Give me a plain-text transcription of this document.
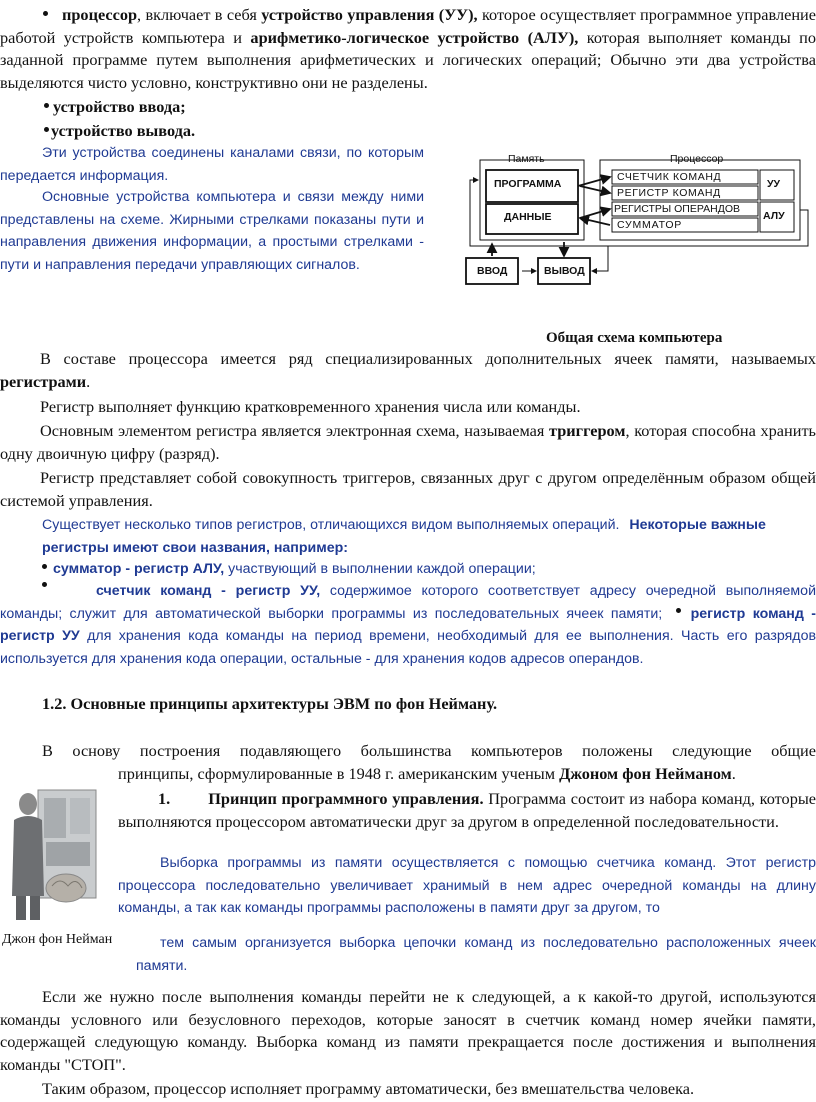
процессор, включает в себя устройство управления (УУ), которое осуществляет программное управление работой устройств компьютера и арифметико-логическое устройство (АЛУ), которая выполняет команды по заданной программе путем выполнения арифметических и логических операций; Обычно эти два устройства выделяются чисто условно, конструктивно они не разделены.
устройство ввода;
устройство вывода.
Эти устройства соединены каналами связи, по которым передается информация.
Основные устройства компьютера и связи между ними представлены на схеме. Жирными стрелками показаны пути и направления движения информации, а простыми стрелками - пути и направления передачи управляющих сигналов.
Память	Процессор
ПРОГРАММА
ДАННЫЕ
СЧЕТЧИК КОМАНД
РЕГИСТР КОМАНД
РЕГИСТРЫ ОПЕРАНДОВ
СУММАТОР
УУ
АЛУ
ВВОД	ВЫВОД
Общая схема компьютера
В составе процессора имеется ряд специализированных дополнительных ячеек памяти, называемых регистрами.
Регистр выполняет функцию кратковременного хранения числа или команды.
Основным элементом регистра является электронная схема, называемая триггером, которая способна хранить одну двоичную цифру (разряд).
Регистр представляет собой совокупность триггеров, связанных друг с другом определённым образом общей системой управления.
Существует несколько типов регистров, отличающихся видом выполняемых операций. Некоторые важные регистры имеют свои названия, например:
сумматор - регистр АЛУ, участвующий в выполнении каждой операции;
счетчик команд - регистр УУ, содержимое которого соответствует адресу очередной выполняемой команды; служит для автоматической выборки программы из последовательных ячеек памяти; регистр команд - регистр УУ для хранения кода команды на период времени, необходимый для ее выполнения. Часть его разрядов используется для хранения кода операции, остальные - для хранения кодов адресов операндов.
1.2. Основные принципы архитектуры ЭВМ по фон Нейману.
В основу построения подавляющего большинства компьютеров положены следующие общие
принципы, сформулированные в 1948 г. американским ученым Джоном фон Нейманом.
Джон фон Нейман
1. Принцип программного управления. Программа состоит из набора команд, которые выполняются процессором автоматически друг за другом в определенной последовательности.
Выборка программы из памяти осуществляется с помощью счетчика команд. Этот регистр процессора последовательно увеличивает хранимый в нем адрес очередной команды на длину команды, а так как команды программы расположены в памяти друг за другом, то
тем самым организуется выборка цепочки команд из последовательно расположенных ячеек памяти.
Если же нужно после выполнения команды перейти не к следующей, а к какой-то другой, используются команды условного или безусловного переходов, которые заносят в счетчик команд номер ячейки памяти, содержащей следующую команду. Выборка команд из памяти прекращается после достижения и выполнения команды "СТОП".
Таким образом, процессор исполняет программу автоматически, без вмешательства человека.
